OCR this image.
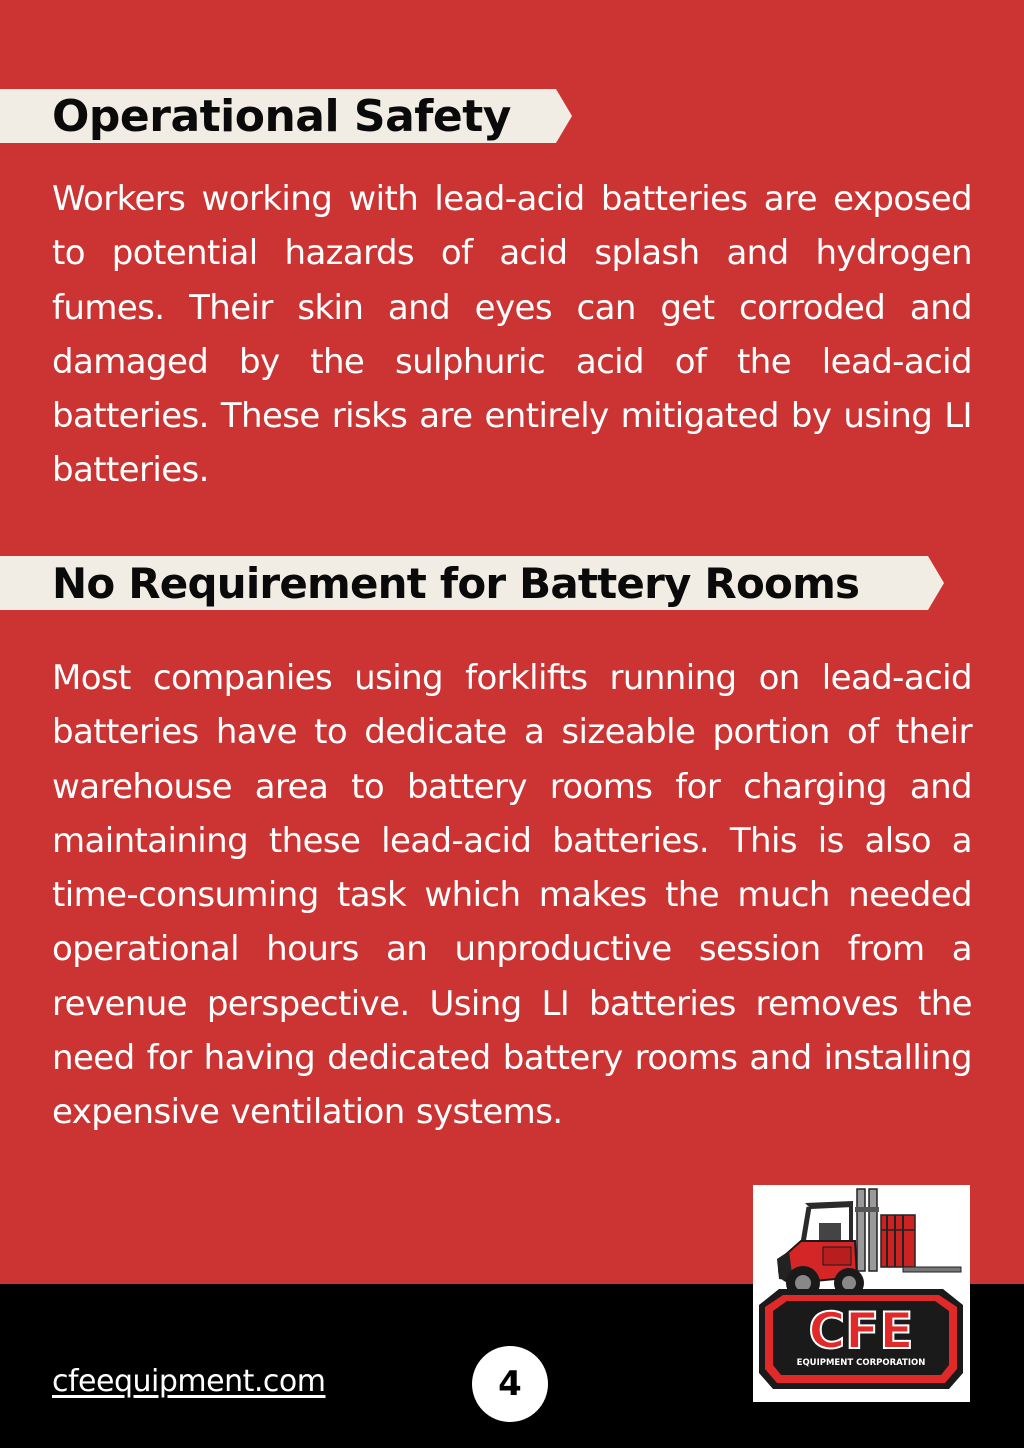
Operational Safety

Workers working with lead-acid batteries are exposed to potential hazards of acid splash and hydrogen fumes. Their skin and eyes can get corroded and damaged by the sulphuric acid of the lead-acid batteries. These risks are entirely mitigated by using LI batteries.

No Requirement for Battery Rooms

Most companies using forklifts running on lead-acid batteries have to dedicate a sizeable portion of their warehouse area to battery rooms for charging and maintaining these lead-acid batteries. This is also a time-consuming task which makes the much needed operational hours an unproductive session from a revenue perspective. Using LI batteries removes the need for having dedicated battery rooms and installing expensive ventilation systems.

cfeequipment.com	4
CFE
EQUIPMENT CORPORATION
